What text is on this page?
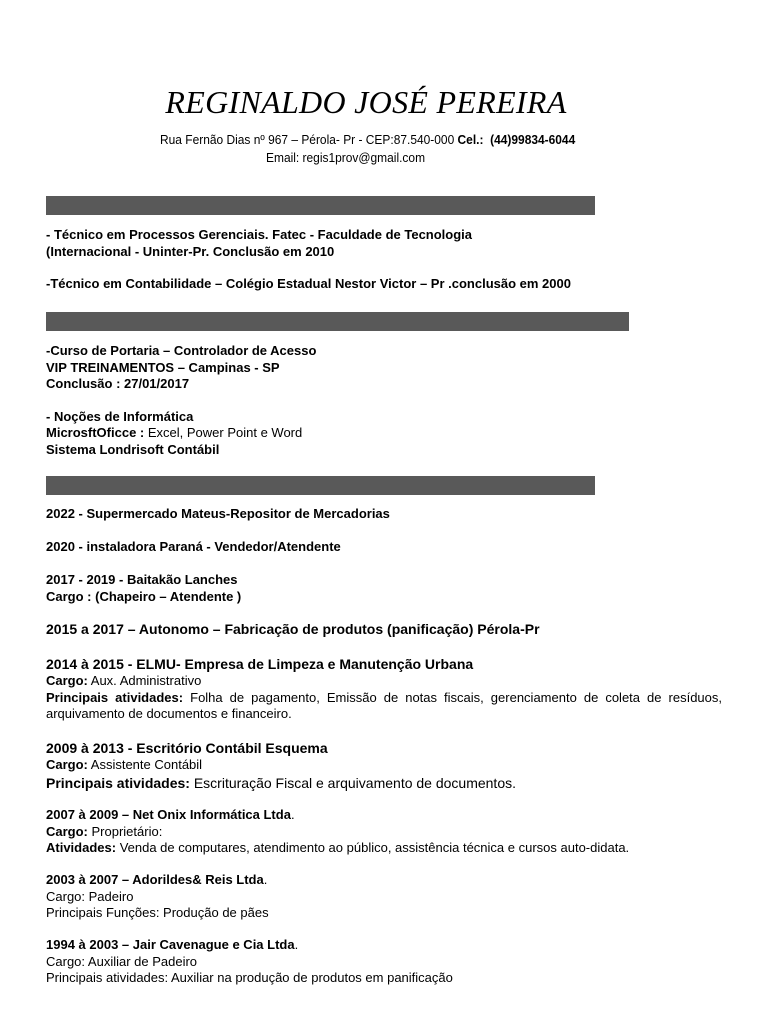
REGINALDO JOSÉ PEREIRA
Rua Fernão Dias nº 967 – Pérola- Pr - CEP:87.540-000 Cel.: (44)99834-6044
Email: regis1prov@gmail.com

- Técnico em Processos Gerenciais. Fatec - Faculdade de Tecnologia

(Internacional - Uninter-Pr. Conclusão em 2010

-Técnico em Contabilidade – Colégio Estadual Nestor Victor – Pr .conclusão em 2000

-Curso de Portaria – Controlador de Acesso

VIP TREINAMENTOS – Campinas - SP

Conclusão : 27/01/2017

- Noções de Informática

MicrosftOficce : Excel, Power Point e Word

Sistema Londrisoft Contábil

2022 - Supermercado Mateus-Repositor de Mercadorias
2020 - instaladora Paraná - Vendedor/Atendente

2017 - 2019 - Baitakão Lanches

Cargo : (Chapeiro – Atendente )

2015 a 2017 – Autonomo – Fabricação de produtos (panificação) Pérola-Pr

2014 à 2015 - ELMU- Empresa de Limpeza e Manutenção Urbana

Cargo: Aux. Administrativo

Principais atividades: Folha de pagamento, Emissão de notas fiscais, gerenciamento de coleta de resíduos, arquivamento de documentos e financeiro.

2009 à 2013 - Escritório Contábil Esquema

Cargo: Assistente Contábil

Principais atividades: Escrituração Fiscal e arquivamento de documentos.

2007 à 2009 – Net Onix Informática Ltda.

Cargo: Proprietário:

Atividades: Venda de computares, atendimento ao público, assistência técnica e cursos auto-didata.

2003 à 2007 – Adorildes& Reis Ltda.

Cargo: Padeiro

Principais Funções: Produção de pães

1994 à 2003 – Jair Cavenague e Cia Ltda.

Cargo: Auxiliar de Padeiro

Principais atividades: Auxiliar na produção de produtos em panificação
